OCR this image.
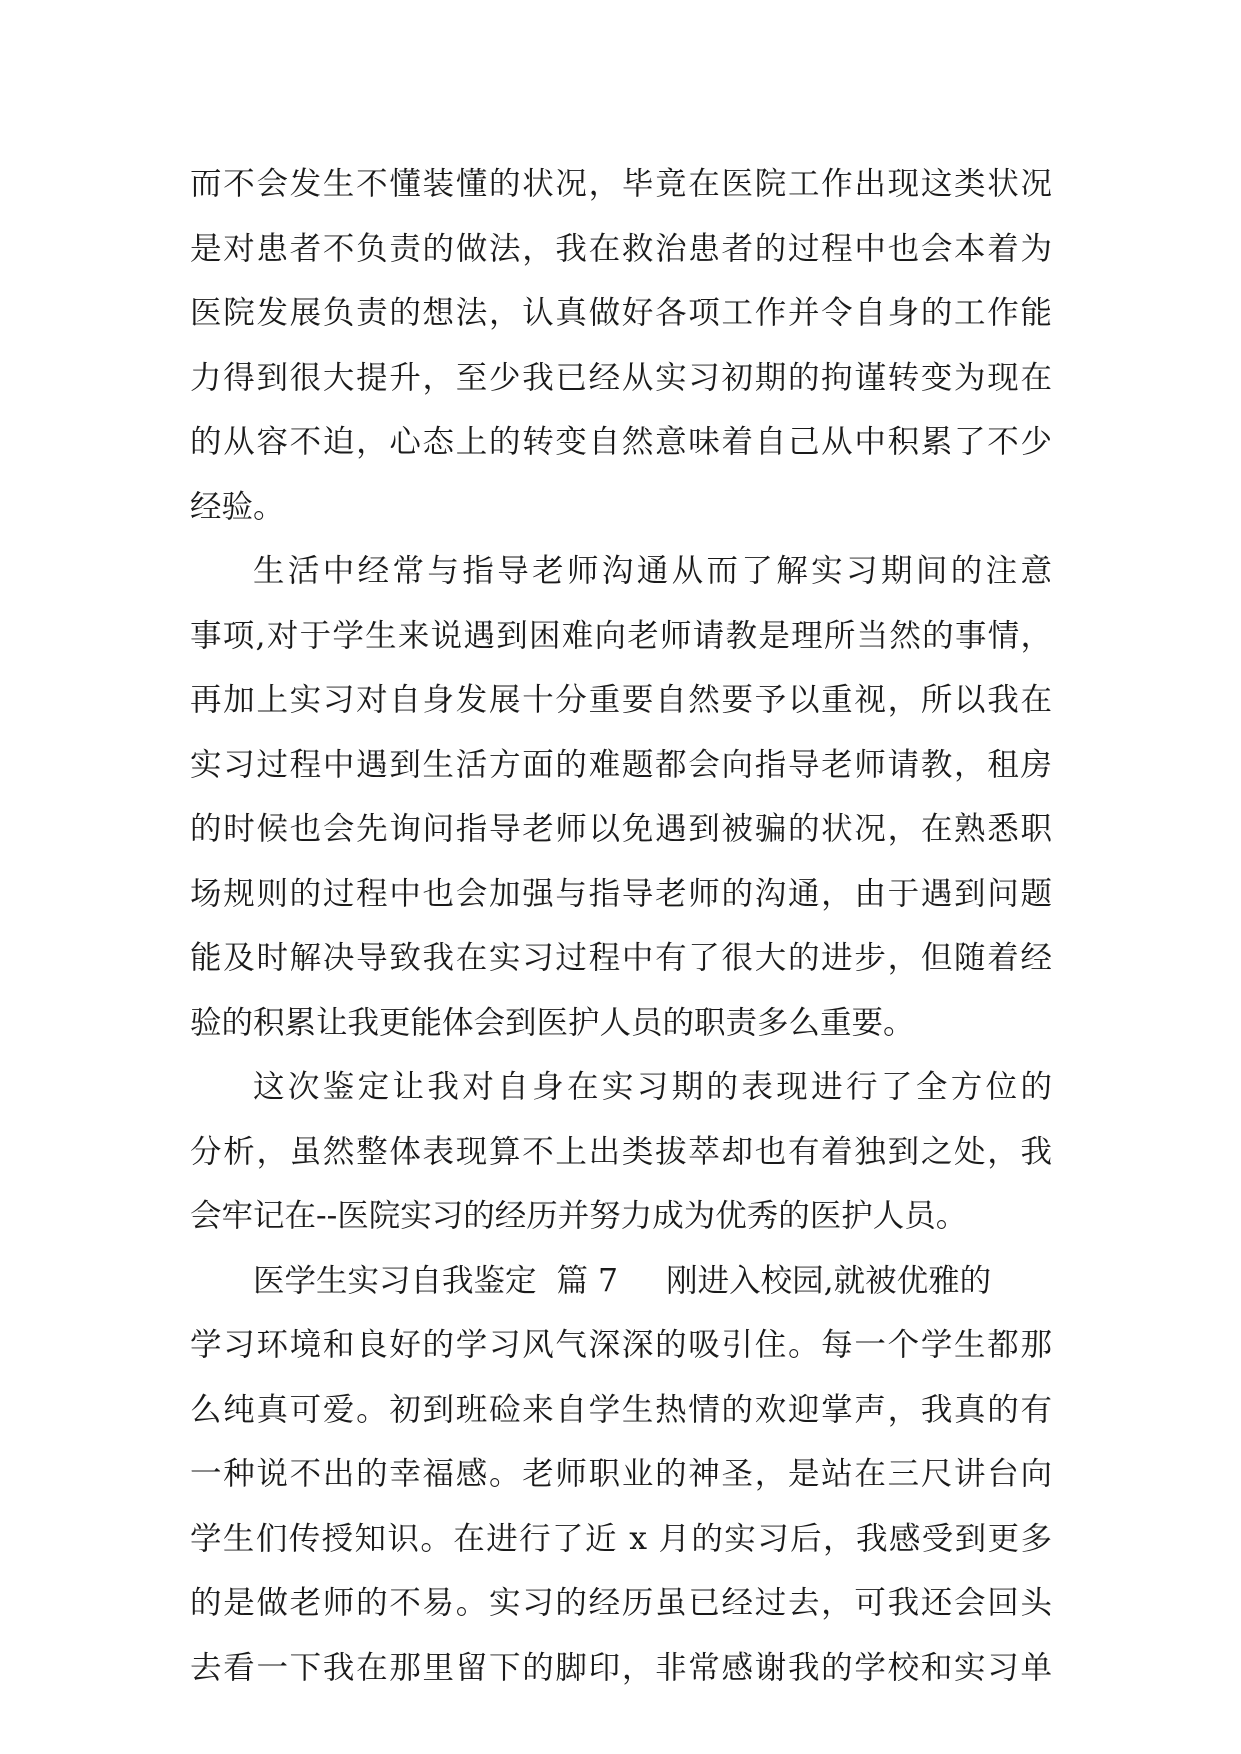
而不会发生不懂装懂的状况，毕竟在医院工作出现这类状况
是对患者不负责的做法，我在救治患者的过程中也会本着为
医院发展负责的想法，认真做好各项工作并令自身的工作能
力得到很大提升，至少我已经从实习初期的拘谨转变为现在
的从容不迫，心态上的转变自然意味着自己从中积累了不少
经验。
生活中经常与指导老师沟通从而了解实习期间的注意
事项,对于学生来说遇到困难向老师请教是理所当然的事情，
再加上实习对自身发展十分重要自然要予以重视，所以我在
实习过程中遇到生活方面的难题都会向指导老师请教，租房
的时候也会先询问指导老师以免遇到被骗的状况，在熟悉职
场规则的过程中也会加强与指导老师的沟通，由于遇到问题
能及时解决导致我在实习过程中有了很大的进步，但随着经
验的积累让我更能体会到医护人员的职责多么重要。
这次鉴定让我对自身在实习期的表现进行了全方位的
分析，虽然整体表现算不上出类拔萃却也有着独到之处，我
会牢记在--医院实习的经历并努力成为优秀的医护人员。
医学生实习自我鉴定  篇 7 刚进入校园,就被优雅的
学习环境和良好的学习风气深深的吸引住。每一个学生都那
么纯真可爱。初到班硷来自学生热情的欢迎掌声，我真的有
一种说不出的幸福感。老师职业的神圣，是站在三尺讲台向
学生们传授知识。在进行了近 x 月的实习后，我感受到更多
的是做老师的不易。实习的经历虽已经过去，可我还会回头
去看一下我在那里留下的脚印，非常感谢我的学校和实习单
